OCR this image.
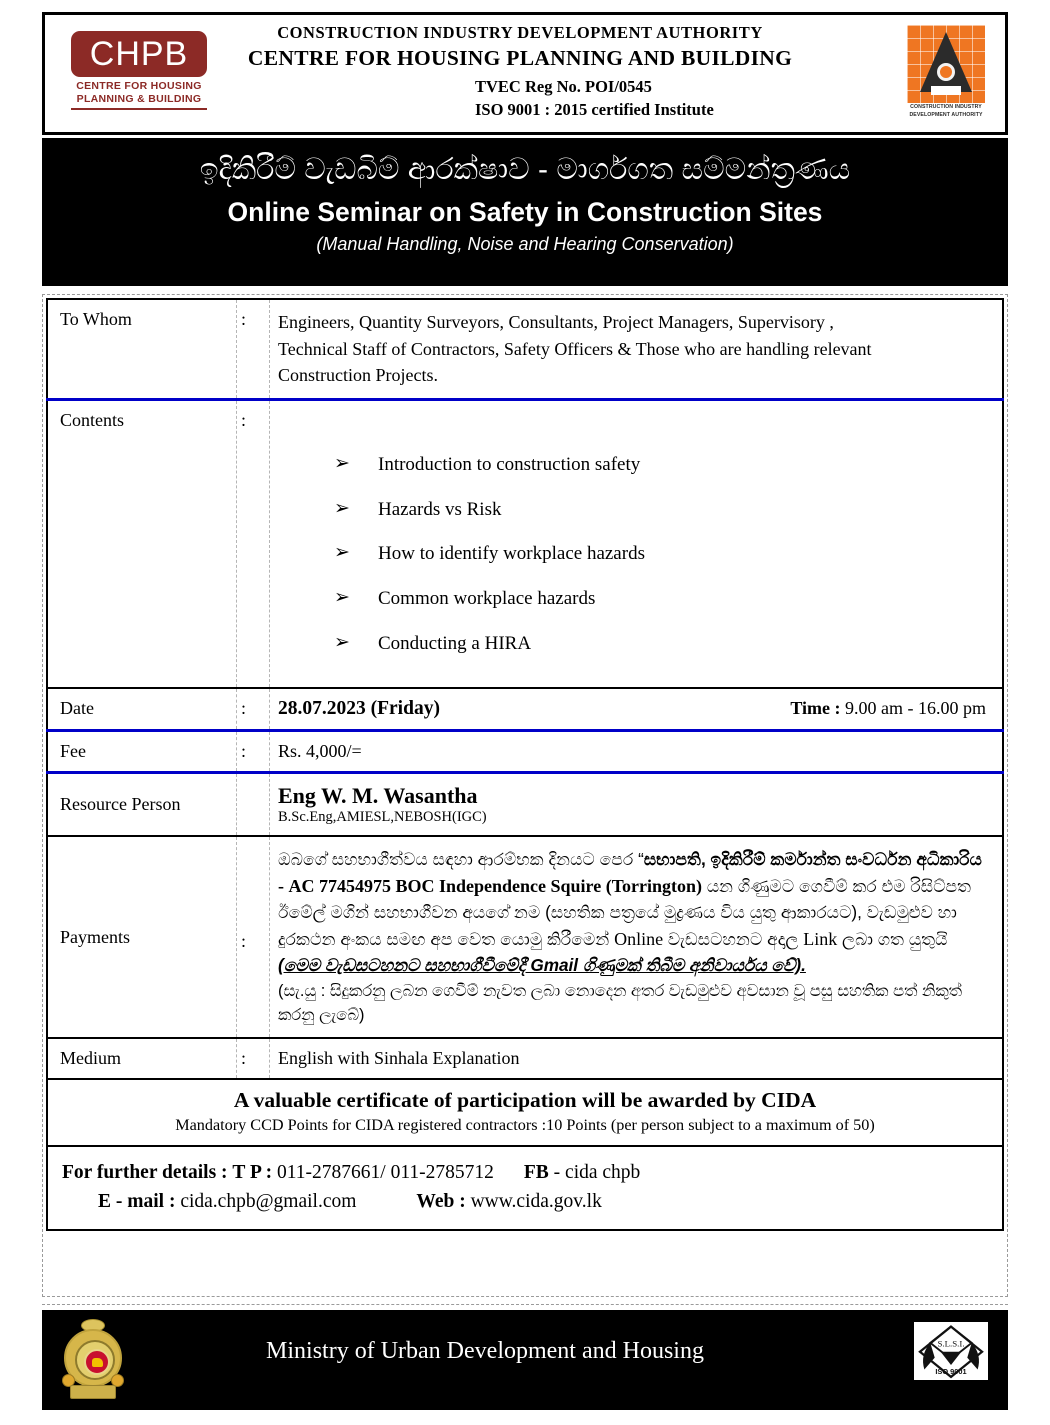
CHPB
CENTRE FOR HOUSING
PLANNING & BUILDING
CONSTRUCTION INDUSTRY DEVELOPMENT AUTHORITY
CENTRE FOR HOUSING PLANNING AND BUILDING
TVEC Reg No. POI/0545
ISO 9001 : 2015 certified Institute	CONSTRUCTION INDUSTRY
DEVELOPMENT AUTHORITY
ඉදිකිරීම් වැඩබිම් ආරක්ෂාව - මාර්ගගත සම්මන්ත්‍රණය
Online Seminar on Safety in Construction Sites
(Manual Handling, Noise and Hearing Conservation)
To Whom	:	Engineers, Quantity Surveyors, Consultants, Project Managers, Supervisory ,
Technical Staff of Contractors, Safety Officers & Those who are handling relevant
Construction Projects.

Contents	:	
➢ Introduction to construction safety
➢ Hazards vs Risk
➢ How to identify workplace hazards
➢ Common workplace hazards
➢ Conducting a HIRA

Date	:	28.07.2023 (Friday) Time : 9.00 am - 16.00 pm

Fee	:	Rs. 4,000/=
Resource Person		Eng W. M. Wasantha
B.Sc.Eng,AMIESL,NEBOSH(IGC)

Payments	:	ඔබගේ සහභාගීත්වය සඳහා ආරම්භක දිනයට පෙර “සභාපති, ඉදිකිරීම් කර්මාන්ත සංවර්ධන අධිකාරිය - AC 77454975 BOC Independence Squire (Torrington) යන ගිණුමට ගෙවීම් කර එම රිසිට්පත ඊමේල් මගින් සහභාගීවන අයගේ නම (සහතික පත්‍රයේ මුද්‍රණය විය යුතු ආකාරයට), වැඩමුළුව හා දුරකථන අංකය සමඟ අප වෙත යොමු කිරීමෙන් Online වැඩසටහනට අදාල Link ලබා ගත යුතුයි (මෙම වැඩසටහනට සහභාගීවීමේදී Gmail ගිණුමක් තිබීම අනිවාර්යය වේ).

(සැ.යු : සිදුකරනු ලබන ගෙවීම් නැවත ලබා නොදෙන අතර වැඩමුළුව අවසාන වූ පසු සහතික පත් නිකුත් කරනු ලැබේ)

Medium	:	English with Sinhala Explanation

A valuable certificate of participation will be awarded by CIDA
Mandatory CCD Points for CIDA registered contractors :10 Points (per person subject to a maximum of 50)		

For further details : T P : 011-2787661/ 011-2785712 FB - cida chpb
E - mail : cida.chpb@gmail.com Web : www.cida.gov.lk		
Ministry of Urban Development and Housing	S.L.S.I.
ISO 9001
